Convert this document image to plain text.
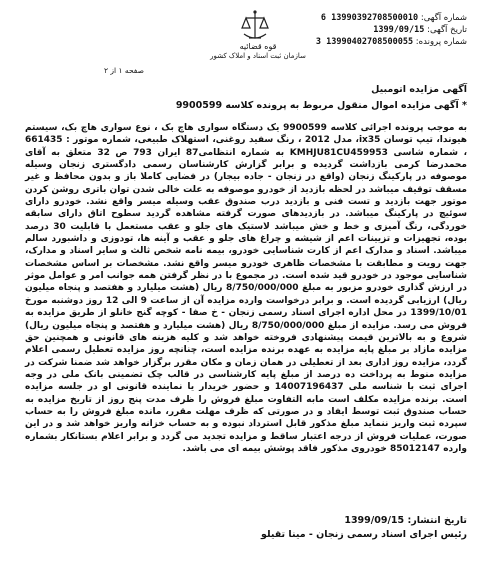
قوه قضائیه
سازمان ثبت اسناد و املاک کشور
شماره آگهی: 13990392708500010 6
تاریخ آگهی: 1399/09/15
شماره پرونده: 13990402708500055 3
صفحه ۱ از ۲
آگهی مزایده اتومبیل
* آگهی مزایده اموال منقول مربوط به پرونده کلاسه 9900599
به موجب پرونده اجرائی کلاسه 9900599 یک دستگاه سواری هاچ بک ، نوع سواری هاچ بک، سیستم هیوندا، تیپ توسان ix35، مدل 2012 ، رنگ سفید روغنی، استهلاک طبیعی، شماره موتور : 661435 ، شماره شاسی KMHJU81CU459953 به شماره انتظامی87 ایران 793 ص 32 متعلق به آقای محمدرضا کرمی بازداشت گردیده و برابر گزارش کارشناسان رسمی دادگستری زنجان وسیله موصوفه در پارکینگ زنجان (واقع در زنجان - جاده بیجار) در فضایی کاملا باز و بدون محافظ و غیر مسقف توقیف میباشد در لحظه بازدید از خودرو موصوفه به علت خالی شدن توان باتری روشن کردن موتور جهت بازدید و تست فنی و بازدید درب صندوق عقب وسیله میسر واقع نشد. خودرو دارای سوئیچ در پارکینگ میباشد. در بازدیدهای صورت گرفته مشاهده گردید سطوح اتاق دارای سابقه خوردگی، رنگ آمیزی و خط و خش میباشد لاستیک های جلو و عقب مستعمل با قابلیت 30 درصد بوده، تجهیزات و تزیینات اعم از شیشه و چراغ های جلو و عقب و آینه ها، تودوزی و داشبورد سالم میباشد. اسناد و مدارک اعم از کارت شناسایی خودرو، بیمه نامه شخص ثالث و سایر اسناد و مدارک، جهت رویت و مطابقت با مشخصات ظاهری خودرو میسر واقع نشد. مشخصات بر اساس مشخصات شناسایی موجود در خودرو قید شده است. در مجموع با در نظر گرفتن همه جوانب امر و عوامل موثر در ارزش گذاری خودرو مزبور به مبلغ 8/750/000/000 ریال (هشت میلیارد و هفتصد و پنجاه میلیون ریال) ارزیابی گردیده است. و برابر درخواست وارده مزایده آن از ساعت 9 الی 12 روز دوشنبه مورخ 1399/10/01 در محل اداره اجرای اسناد رسمی زنجان - خ صفا - کوچه گنج خانلو از طریق مزایده به فروش می رسد. مزایده از مبلغ 8/750/000/000 ریال (هشت میلیارد و هفتصد و پنجاه میلیون ریال) شروع و به بالاترین قیمت پیشنهادی فروخته خواهد شد و کلیه هزینه های قانونی و همچنین حق مزایده مازاد بر مبلغ پایه مزایده به عهده برنده مزایده است، چنانچه روز مزایده تعطیل رسمی اعلام گردد، مزایده روز اداری بعد از تعطیلی در همان زمان و مکان مقرر برگزار خواهد شد ضمنا شرکت در مزایده منوط به پرداخت ده درصد از مبلغ پایه کارشناسی در قالب چک تضمینی بانک ملی در وجه اجرای ثبت با شناسه ملی 14007196437 و حضور خریدار یا نماینده قانونی او در جلسه مزایده است. برنده مزایده مکلف است مابه التفاوت مبلغ فروش را ظرف مدت پنج روز از تاریخ مزایده به حساب صندوق ثبت توسط ایفاد و در صورتی که ظرف مهلت مقرر، مانده مبلغ فروش را به حساب سپرده ثبت واریز ننماید مبلغ مذکور قابل استرداد نبوده و به حساب خزانه واریز خواهد شد و در این صورت، عملیات فروش از درجه اعتبار ساقط و مزایده تجدید می گردد و برابر اعلام بستانکار بشماره وارده 85012147 خودروی مذکور فاقد پوشش بیمه ای می باشد.
تاریخ انتشار: 1399/09/15
رئیس اجرای اسناد رسمی زنجان - مینا تقیلو
